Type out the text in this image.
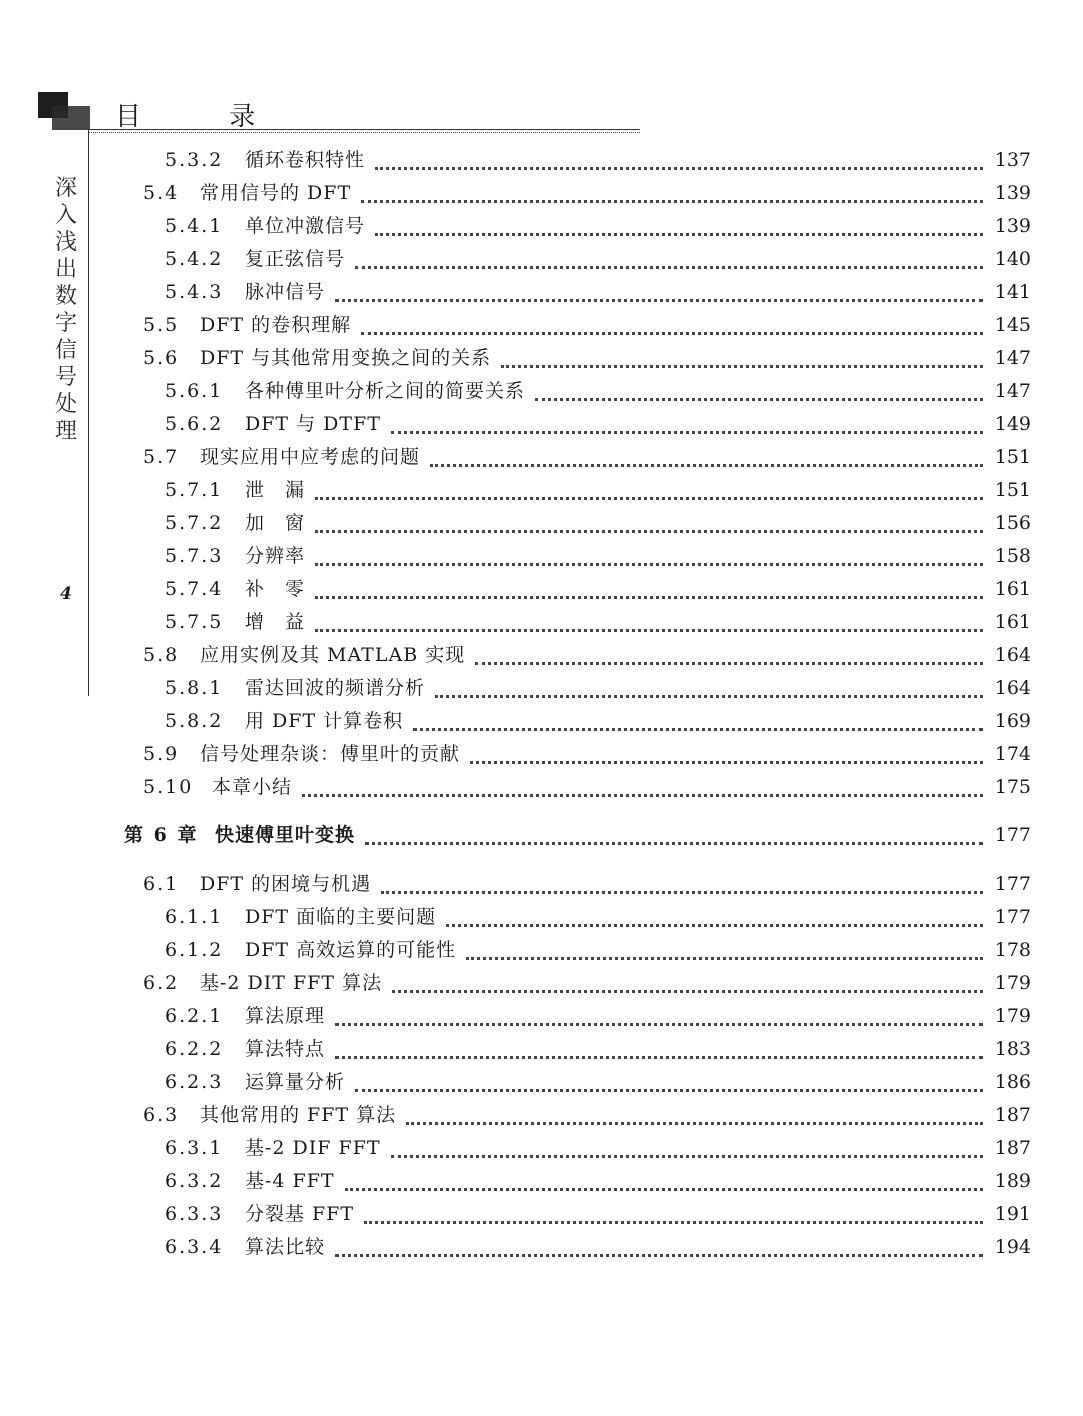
目 录
深入浅出数字信号处理
4
5.3.2 循环卷积特性	137
5.4 常用信号的 DFT	139
5.4.1 单位冲激信号	139
5.4.2 复正弦信号	140
5.4.3 脉冲信号	141
5.5 DFT 的卷积理解	145
5.6 DFT 与其他常用变换之间的关系	147
5.6.1 各种傅里叶分析之间的简要关系	147
5.6.2 DFT 与 DTFT	149
5.7 现实应用中应考虑的问题	151
5.7.1 泄　漏	151
5.7.2 加　窗	156
5.7.3 分辨率	158
5.7.4 补　零	161
5.7.5 增　益	161
5.8 应用实例及其 MATLAB 实现	164
5.8.1 雷达回波的频谱分析	164
5.8.2 用 DFT 计算卷积	169
5.9 信号处理杂谈：傅里叶的贡献	174
5.10 本章小结	175
第 6 章 快速傅里叶变换	177
6.1 DFT 的困境与机遇	177
6.1.1 DFT 面临的主要问题	177
6.1.2 DFT 高效运算的可能性	178
6.2 基-2 DIT FFT 算法	179
6.2.1 算法原理	179
6.2.2 算法特点	183
6.2.3 运算量分析	186
6.3 其他常用的 FFT 算法	187
6.3.1 基-2 DIF FFT	187
6.3.2 基-4 FFT	189
6.3.3 分裂基 FFT	191
6.3.4 算法比较	194
